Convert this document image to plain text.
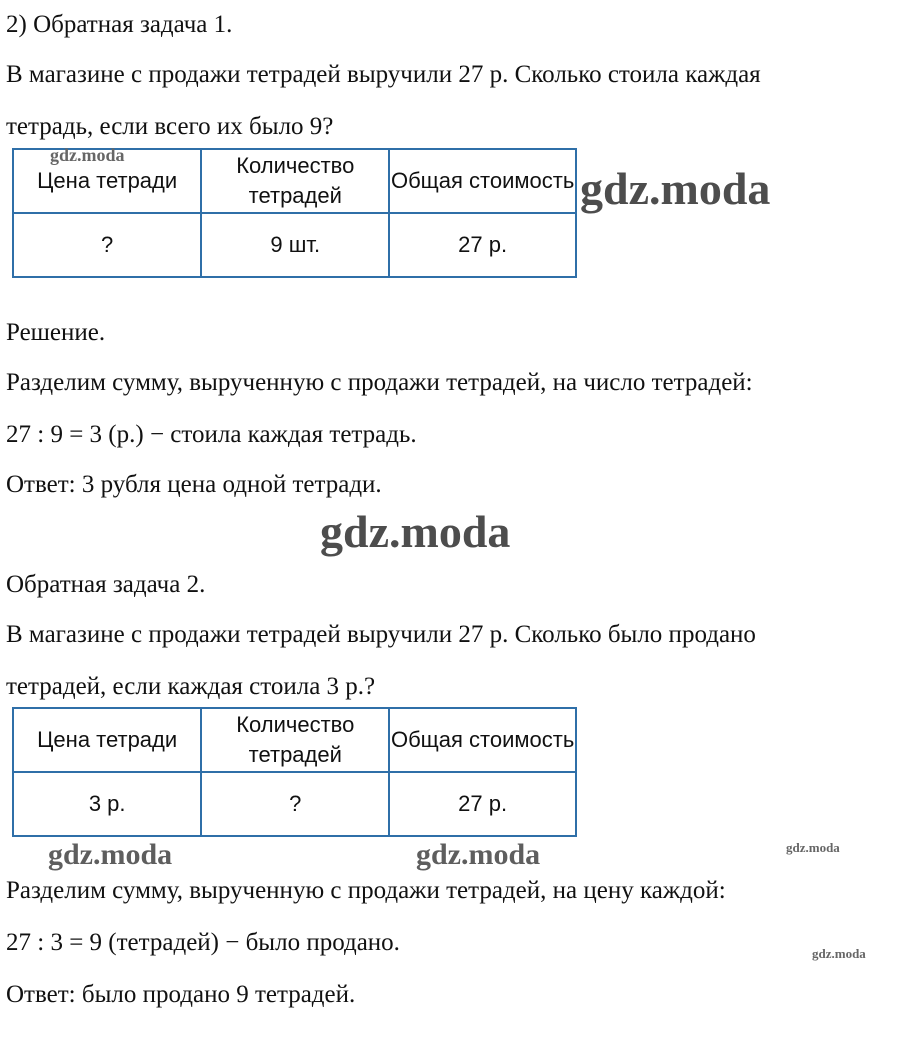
2) Обратная задача 1.

В магазине с продажи тетрадей выручили 27 р. Сколько стоила каждая

тетрадь, если всего их было 9?

Цена тетради	Количество тетрадей	Общая стоимость
?	9 шт.	27 р.

Решение.

Разделим сумму, вырученную с продажи тетрадей, на число тетрадей:

27 : 9 = 3 (р.) − стоила каждая тетрадь.

Ответ: 3 рубля цена одной тетради.

Обратная задача 2.

В магазине с продажи тетрадей выручили 27 р. Сколько было продано

тетрадей, если каждая стоила 3 р.?

Цена тетради	Количество тетрадей	Общая стоимость
3 р.	?	27 р.

Разделим сумму, вырученную с продажи тетрадей, на цену каждой:

27 : 3 = 9 (тетрадей) − было продано.

Ответ: было продано 9 тетрадей.

gdz.moda
gdz.moda
gdz.moda	gdz.moda
gdz.moda
gdz.moda
gdz.moda
